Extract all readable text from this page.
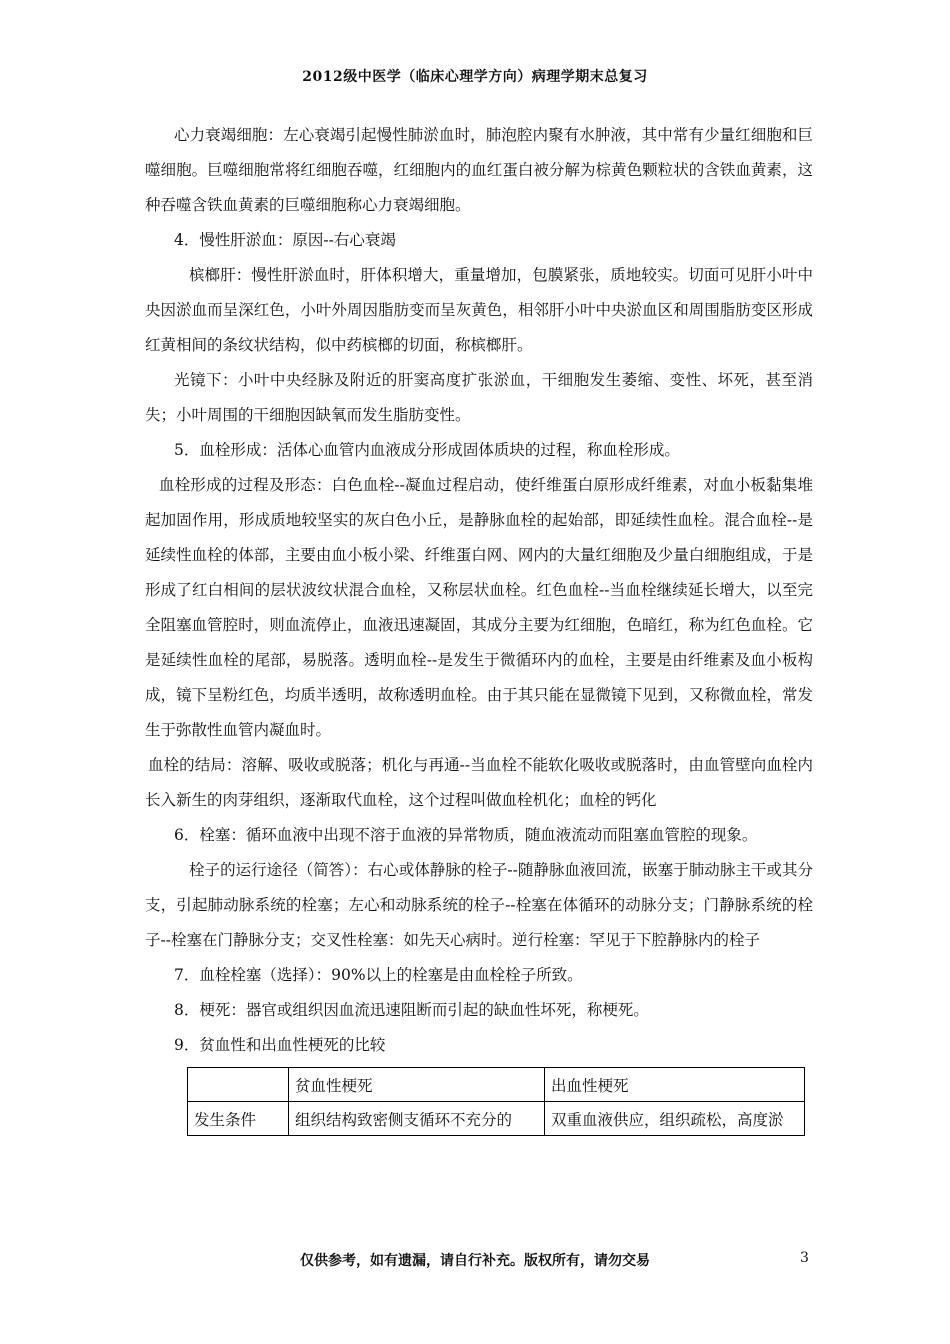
2012级中医学（临床心理学方向）病理学期末总复习

心力衰竭细胞：左心衰竭引起慢性肺淤血时，肺泡腔内聚有水肿液，其中常有少量红细胞和巨噬细胞。巨噬细胞常将红细胞吞噬，红细胞内的血红蛋白被分解为棕黄色颗粒状的含铁血黄素，这种吞噬含铁血黄素的巨噬细胞称心力衰竭细胞。

4．慢性肝淤血：原因--右心衰竭

槟榔肝：慢性肝淤血时，肝体积增大，重量增加，包膜紧张，质地较实。切面可见肝小叶中央因淤血而呈深红色，小叶外周因脂肪变而呈灰黄色，相邻肝小叶中央淤血区和周围脂肪变区形成红黄相间的条纹状结构，似中药槟榔的切面，称槟榔肝。

光镜下：小叶中央经脉及附近的肝窦高度扩张淤血，干细胞发生萎缩、变性、坏死，甚至消失；小叶周围的干细胞因缺氧而发生脂肪变性。

5．血栓形成：活体心血管内血液成分形成固体质块的过程，称血栓形成。

血栓形成的过程及形态：白色血栓--凝血过程启动，使纤维蛋白原形成纤维素，对血小板黏集堆起加固作用，形成质地较坚实的灰白色小丘，是静脉血栓的起始部，即延续性血栓。混合血栓--是延续性血栓的体部，主要由血小板小梁、纤维蛋白网、网内的大量红细胞及少量白细胞组成，于是形成了红白相间的层状波纹状混合血栓，又称层状血栓。红色血栓--当血栓继续延长增大，以至完全阻塞血管腔时，则血流停止，血液迅速凝固，其成分主要为红细胞，色暗红，称为红色血栓。它是延续性血栓的尾部，易脱落。透明血栓--是发生于微循环内的血栓，主要是由纤维素及血小板构成，镜下呈粉红色，均质半透明，故称透明血栓。由于其只能在显微镜下见到，又称微血栓，常发生于弥散性血管内凝血时。

血栓的结局：溶解、吸收或脱落；机化与再通--当血栓不能软化吸收或脱落时，由血管壁向血栓内长入新生的肉芽组织，逐渐取代血栓，这个过程叫做血栓机化；血栓的钙化

6．栓塞：循环血液中出现不溶于血液的异常物质，随血液流动而阻塞血管腔的现象。

栓子的运行途径（简答）：右心或体静脉的栓子--随静脉血液回流，嵌塞于肺动脉主干或其分支，引起肺动脉系统的栓塞；左心和动脉系统的栓子--栓塞在体循环的动脉分支；门静脉系统的栓子--栓塞在门静脉分支；交叉性栓塞：如先天心病时。逆行栓塞：罕见于下腔静脉内的栓子

7．血栓栓塞（选择）：90%以上的栓塞是由血栓栓子所致。

8．梗死：器官或组织因血流迅速阻断而引起的缺血性坏死，称梗死。

9．贫血性和出血性梗死的比较

	贫血性梗死	出血性梗死
发生条件	组织结构致密侧支循环不充分的	双重血液供应，组织疏松，高度淤
仅供参考，如有遗漏，请自行补充。版权所有，请勿交易	3
